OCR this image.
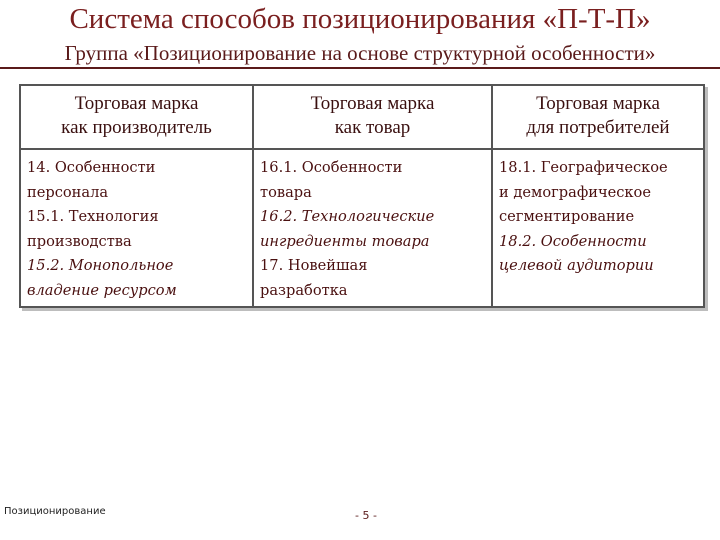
Система способов позиционирования «П-Т-П»
Группа «Позиционирование на основе структурной особенности»
Торговая марка
как производитель
Торговая марка
как товар
Торговая марка
для потребителей
14. Особенности
персонала
15.1. Технология
производства
15.2. Монопольное
владение ресурсом
16.1. Особенности
товара
16.2. Технологические
ингредиенты товара
17. Новейшая
разработка
18.1. Географическое
и демографическое
сегментирование
18.2. Особенности
целевой аудитории
Позиционирование	- 5 -
